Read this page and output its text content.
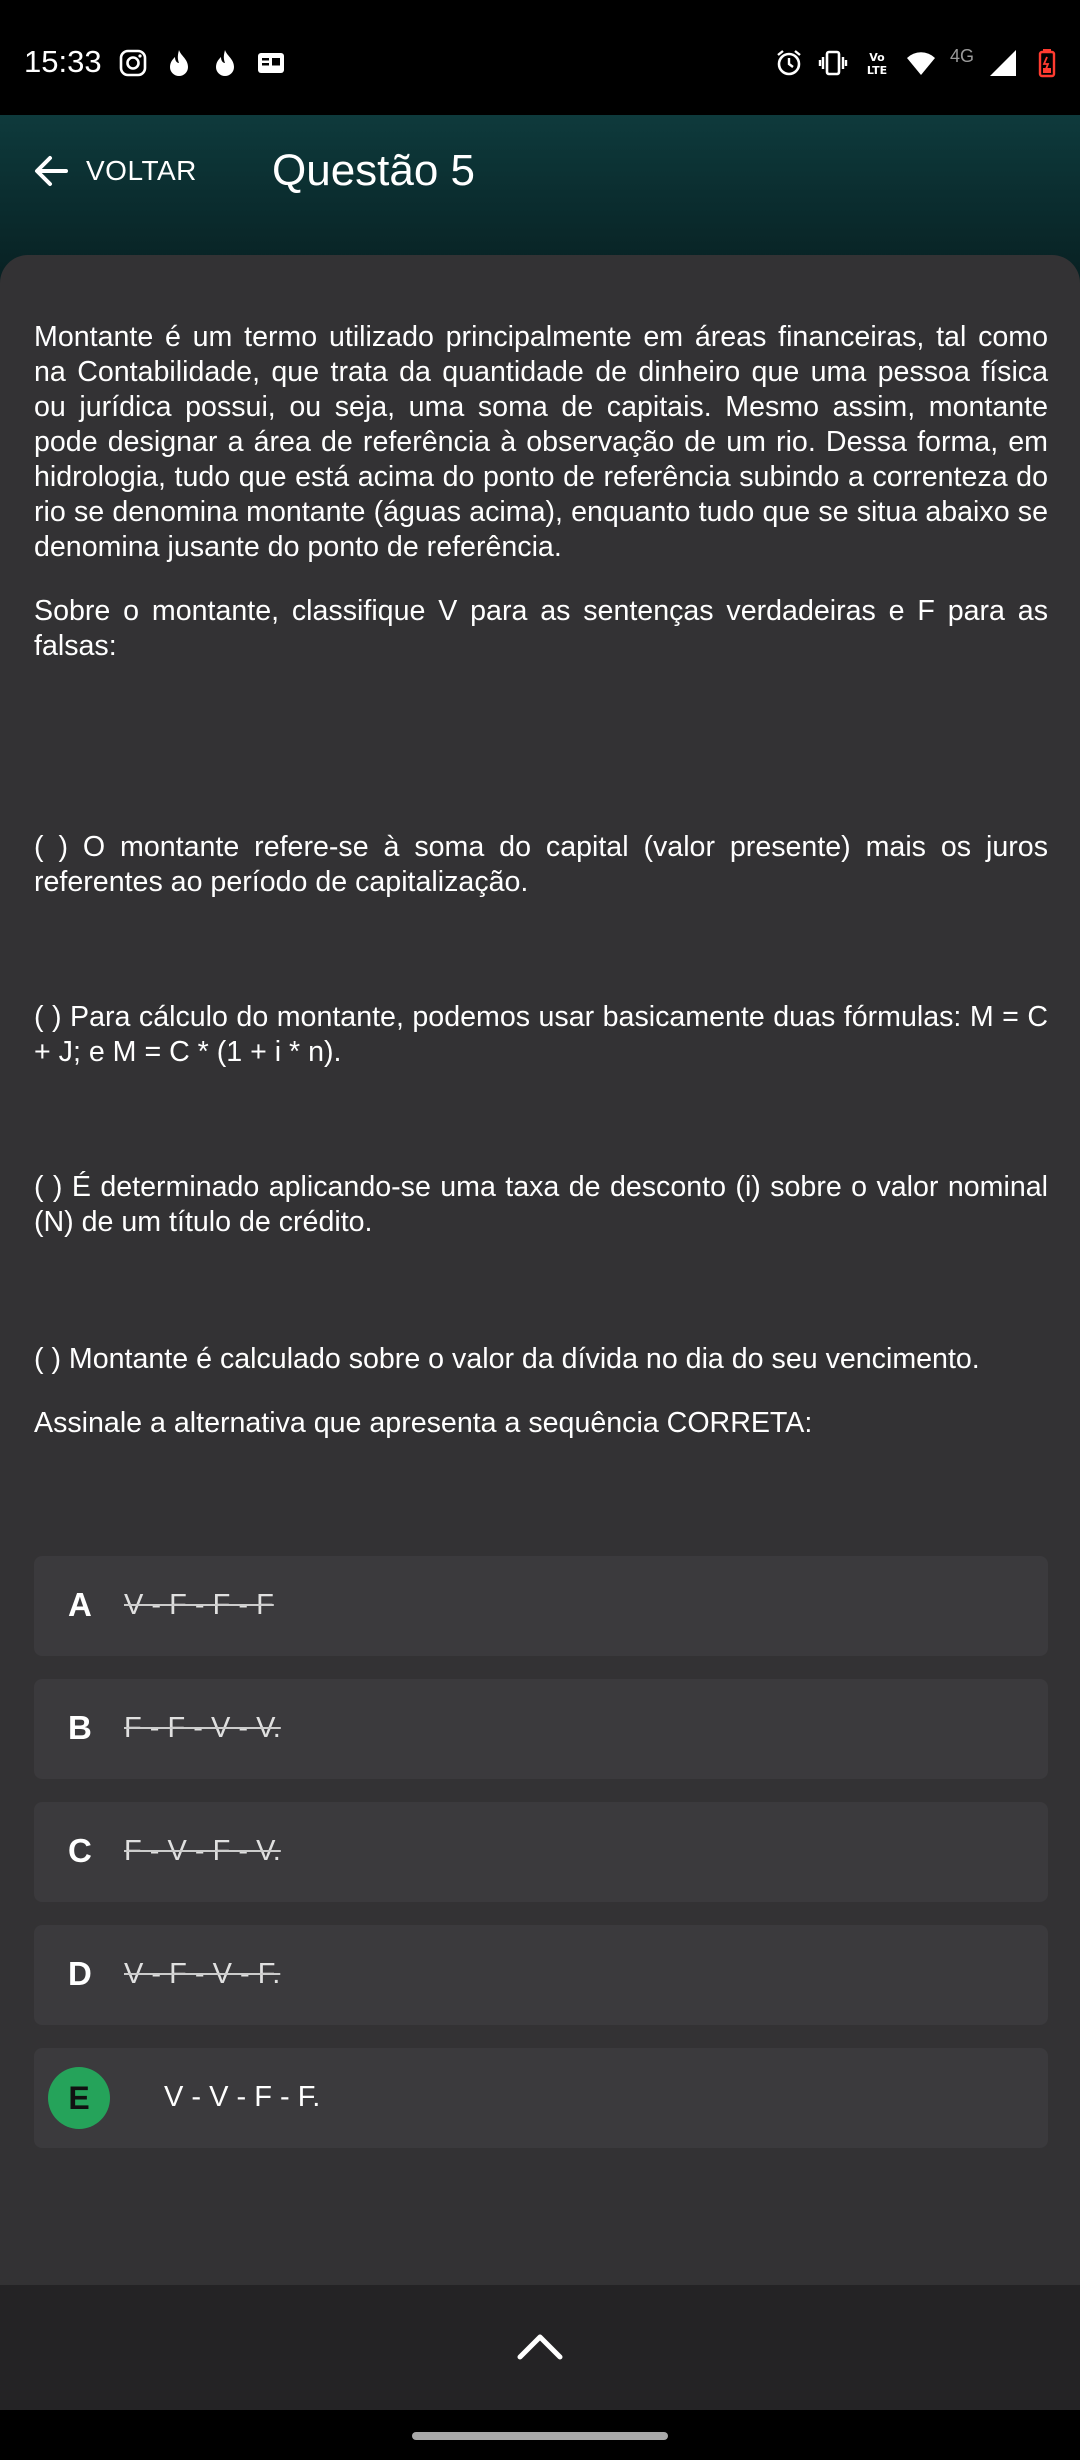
15:33	Vo
LTE
4G
VOLTAR Questão 5

Montante é um termo utilizado principalmente em áreas financeiras, tal como na Contabilidade, que trata da quantidade de dinheiro que uma pessoa física ou jurídica possui, ou seja, uma soma de capitais. Mesmo assim, montante pode designar a área de referência à observação de um rio. Dessa forma, em hidrologia, tudo que está acima do ponto de referência subindo a correnteza do rio se denomina montante (águas acima), enquanto tudo que se situa abaixo se denomina jusante do ponto de referência.

Sobre o montante, classifique V para as sentenças verdadeiras e F para as falsas:

( ) O montante refere-se à soma do capital (valor presente) mais os juros referentes ao período de capitalização.

( ) Para cálculo do montante, podemos usar basicamente duas fórmulas: M = C + J; e M = C * (1 + i * n).

( ) É determinado aplicando-se uma taxa de desconto (i) sobre o valor nominal (N) de um título de crédito.

( ) Montante é calculado sobre o valor da dívida no dia do seu vencimento.

Assinale a alternativa que apresenta a sequência CORRETA:

A V - F - F - F
B F - F - V - V.
C F - V - F - V.
D V - F - V - F.
E	V - V - F - F.
